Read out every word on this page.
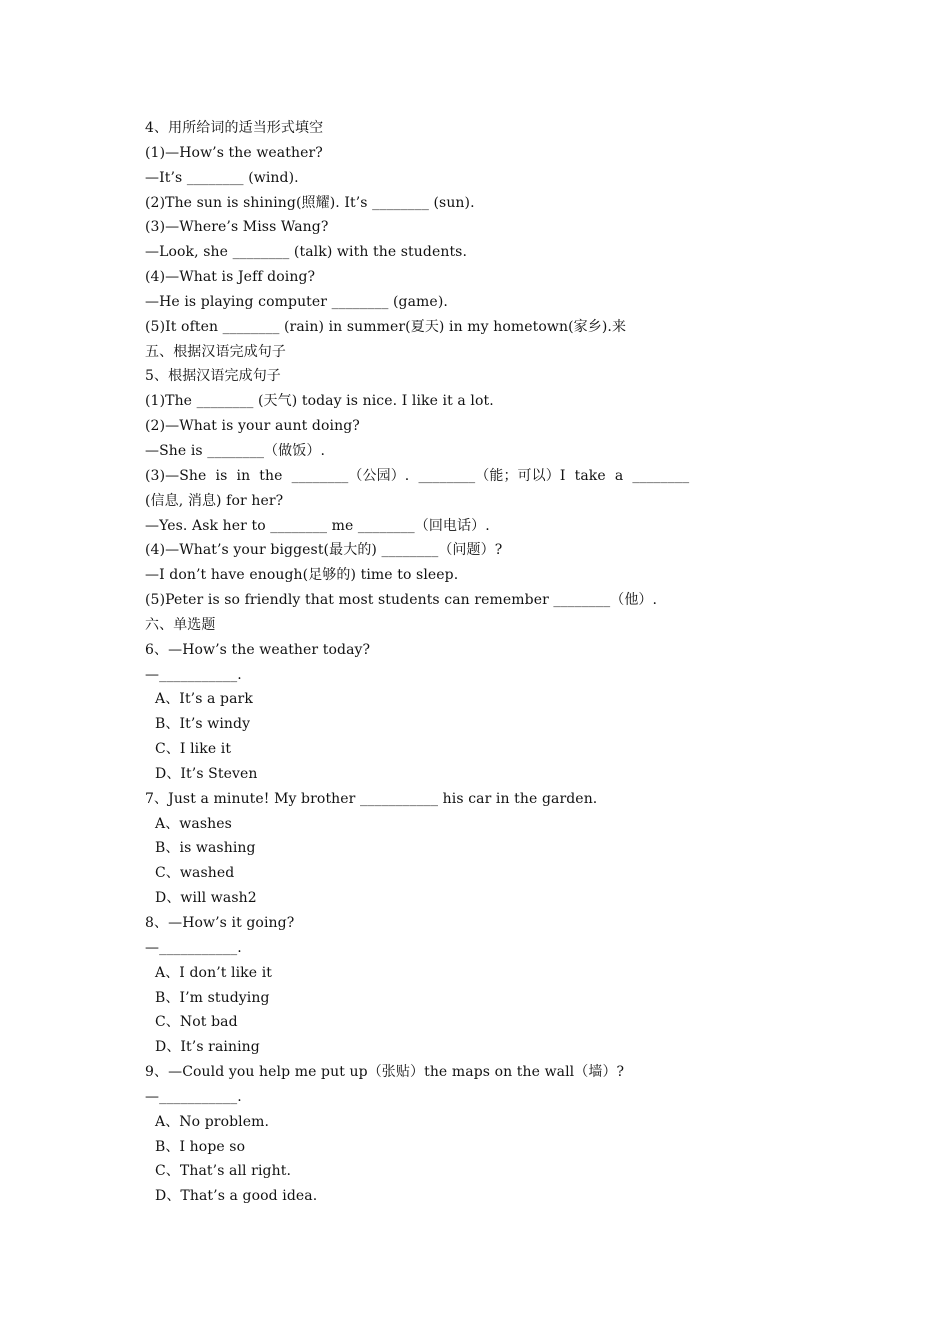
4、用所给词的适当形式填空
(1)—How’s the weather?
—It’s ________ (wind).
(2)The sun is shining(照耀). It’s ________ (sun).
(3)—Where’s Miss Wang?
—Look, she ________ (talk) with the students.
(4)—What is Jeff doing?
—He is playing computer ________ (game).
(5)It often ________ (rain) in summer(夏天) in my hometown(家乡).来
五、根据汉语完成句子
5、根据汉语完成句子
(1)The ________ (天气) today is nice. I like it a lot.
(2)—What is your aunt doing?
—She is ________（做饭）.
(3)—She  is  in  the  ________（公园）.  ________（能；可以）I  take  a  ________
(信息, 消息) for her?
—Yes. Ask her to ________ me ________（回电话）.
(4)—What’s your biggest(最大的) ________（问题）?
—I don’t have enough(足够的) time to sleep.
(5)Peter is so friendly that most students can remember ________（他）.
六、单选题
6、—How’s the weather today?
—___________.
A、It’s a park
B、It’s windy
C、I like it
D、It’s Steven
7、Just a minute! My brother ___________ his car in the garden.
A、washes
B、is washing
C、washed
D、will wash2
8、—How’s it going?
—___________.
A、I don’t like it
B、I’m studying
C、Not bad
D、It’s raining
9、—Could you help me put up（张贴）the maps on the wall（墙）?
—___________.
A、No problem.
B、I hope so
C、That’s all right.
D、That’s a good idea.
